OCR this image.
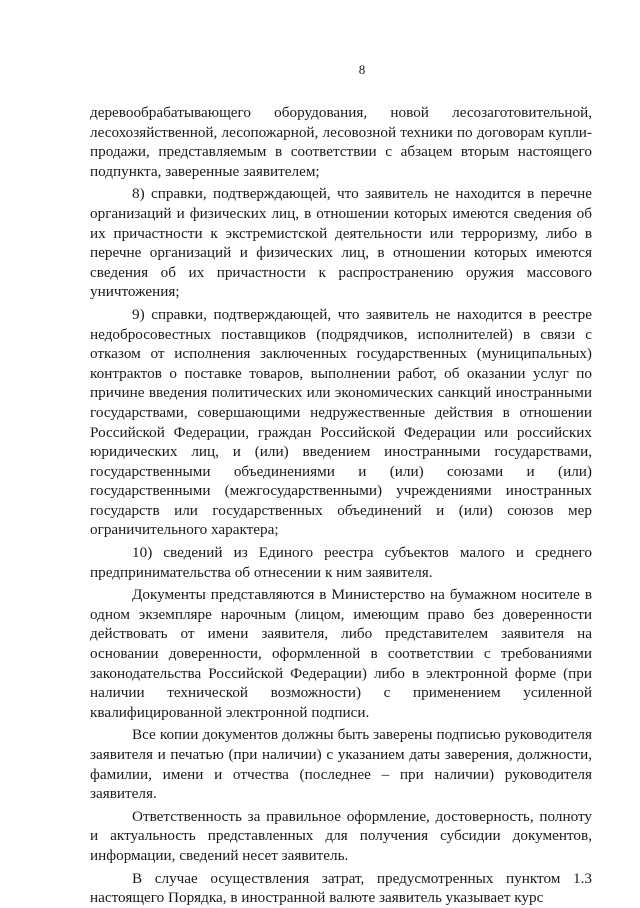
8

деревообрабатывающего оборудования, новой лесозаготовительной, лесохозяйственной, лесопожарной, лесовозной техники по договорам купли-продажи, представляемым в соответствии с абзацем вторым настоящего подпункта, заверенные заявителем;

8) справки, подтверждающей, что заявитель не находится в перечне организаций и физических лиц, в отношении которых имеются сведения об их причастности к экстремистской деятельности или терроризму, либо в перечне организаций и физических лиц, в отношении которых имеются сведения об их причастности к распространению оружия массового уничтожения;

9) справки, подтверждающей, что заявитель не находится в реестре недобросовестных поставщиков (подрядчиков, исполнителей) в связи с отказом от исполнения заключенных государственных (муниципальных) контрактов о поставке товаров, выполнении работ, об оказании услуг по причине введения политических или экономических санкций иностранными государствами, совершающими недружественные действия в отношении Российской Федерации, граждан Российской Федерации или российских юридических лиц, и (или) введением иностранными государствами, государственными объединениями и (или) союзами и (или) государственными (межгосударственными) учреждениями иностранных государств или государственных объединений и (или) союзов мер ограничительного характера;

10) сведений из Единого реестра субъектов малого и среднего предпринимательства об отнесении к ним заявителя.

Документы представляются в Министерство на бумажном носителе в одном экземпляре нарочным (лицом, имеющим право без доверенности действовать от имени заявителя, либо представителем заявителя на основании доверенности, оформленной в соответствии с требованиями законодательства Российской Федерации) либо в электронной форме (при наличии технической возможности) с применением усиленной квалифицированной электронной подписи.

Все копии документов должны быть заверены подписью руководителя заявителя и печатью (при наличии) с указанием даты заверения, должности, фамилии, имени и отчества (последнее – при наличии) руководителя заявителя.

Ответственность за правильное оформление, достоверность, полноту и актуальность представленных для получения субсидии документов, информации, сведений несет заявитель.

В случае осуществления затрат, предусмотренных пунктом 1.3 настоящего Порядка, в иностранной валюте заявитель указывает курс
